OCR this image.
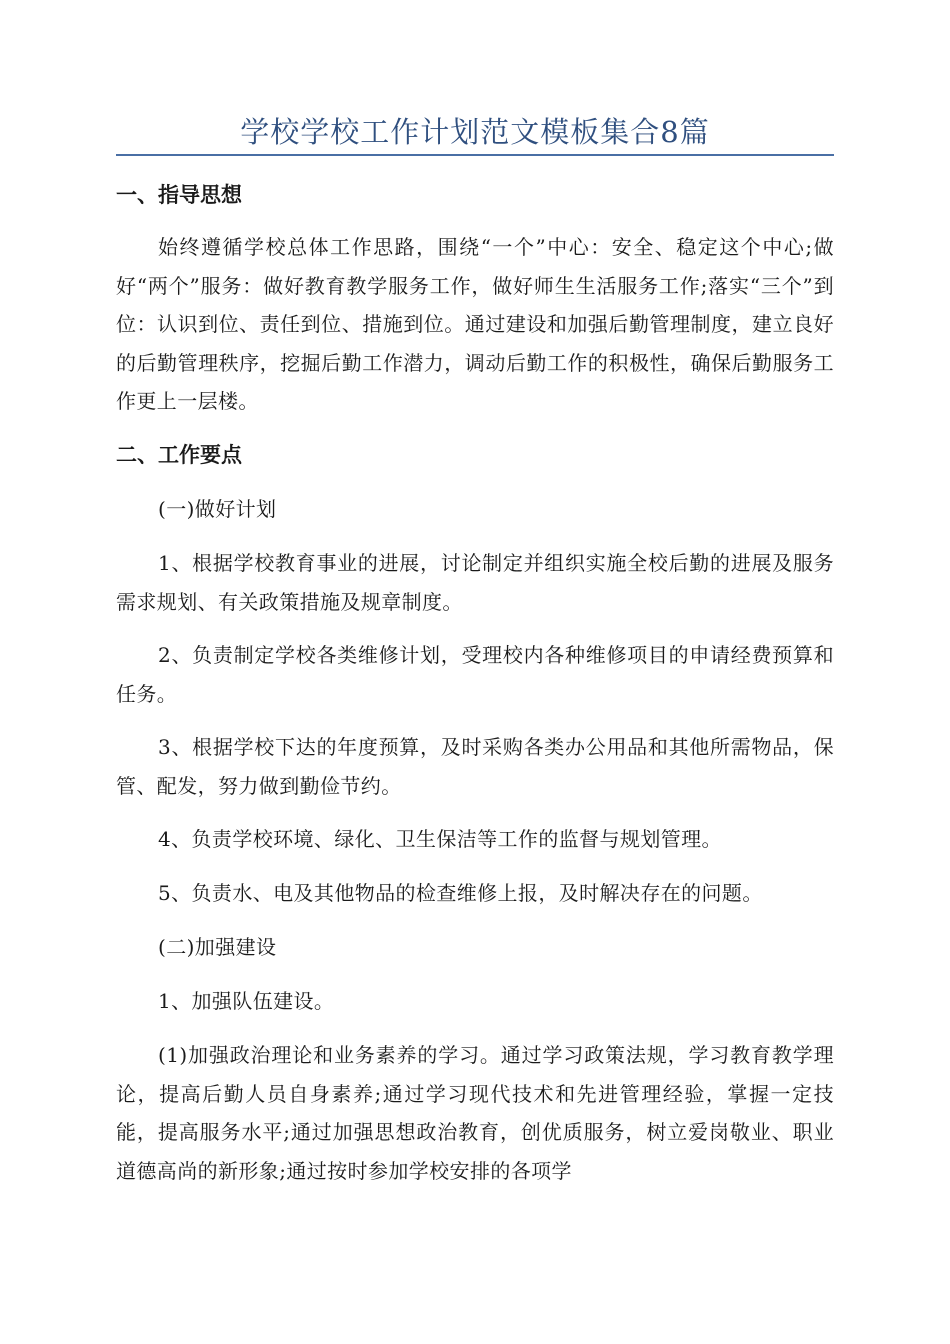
学校学校工作计划范文模板集合8篇
一、指导思想
始终遵循学校总体工作思路，围绕“一个”中心：安全、稳定这个中心;做好“两个”服务：做好教育教学服务工作，做好师生生活服务工作;落实“三个”到位：认识到位、责任到位、措施到位。通过建设和加强后勤管理制度，建立良好的后勤管理秩序，挖掘后勤工作潜力，调动后勤工作的积极性，确保后勤服务工作更上一层楼。
二、工作要点
(一)做好计划
1、根据学校教育事业的进展，讨论制定并组织实施全校后勤的进展及服务需求规划、有关政策措施及规章制度。
2、负责制定学校各类维修计划，受理校内各种维修项目的申请经费预算和任务。
3、根据学校下达的年度预算，及时采购各类办公用品和其他所需物品，保管、配发，努力做到勤俭节约。
4、负责学校环境、绿化、卫生保洁等工作的监督与规划管理。
5、负责水、电及其他物品的检查维修上报，及时解决存在的问题。
(二)加强建设
1、加强队伍建设。
(1)加强政治理论和业务素养的学习。通过学习政策法规，学习教育教学理论，提高后勤人员自身素养;通过学习现代技术和先进管理经验，掌握一定技能，提高服务水平;通过加强思想政治教育，创优质服务，树立爱岗敬业、职业道德高尚的新形象;通过按时参加学校安排的各项学
